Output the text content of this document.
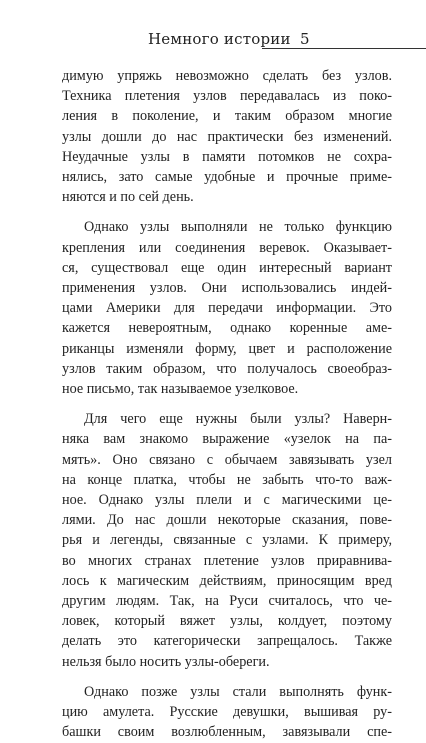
Немного истории 5

димую упряжь невозможно сделать без узлов.
Техника плетения узлов передавалась из поко-
ления в поколение, и таким образом многие
узлы дошли до нас практически без изменений.
Неудачные узлы в памяти потомков не сохра-
нялись, зато самые удобные и прочные приме-
няются и по сей день.

Однако узлы выполняли не только функцию
крепления или соединения веревок. Оказывает-
ся, существовал еще один интересный вариант
применения узлов. Они использовались индей-
цами Америки для передачи информации. Это
кажется невероятным, однако коренные аме-
риканцы изменяли форму, цвет и расположение
узлов таким образом, что получалось своеобраз-
ное письмо, так называемое узелковое.

Для чего еще нужны были узлы? Наверн-
няка вам знакомо выражение «узелок на па-
мять». Оно связано с обычаем завязывать узел
на конце платка, чтобы не забыть что-то важ-
ное. Однако узлы плели и с магическими це-
лями. До нас дошли некоторые сказания, пове-
рья и легенды, связанные с узлами. К примеру,
во многих странах плетение узлов приравнива-
лось к магическим действиям, приносящим вред
другим людям. Так, на Руси считалось, что че-
ловек, который вяжет узлы, колдует, поэтому
делать это категорически запрещалось. Также
нельзя было носить узлы-обереги.

Однако позже узлы стали выполнять функ-
цию амулета. Русские девушки, вышивая ру-
башки своим возлюбленным, завязывали спе-
